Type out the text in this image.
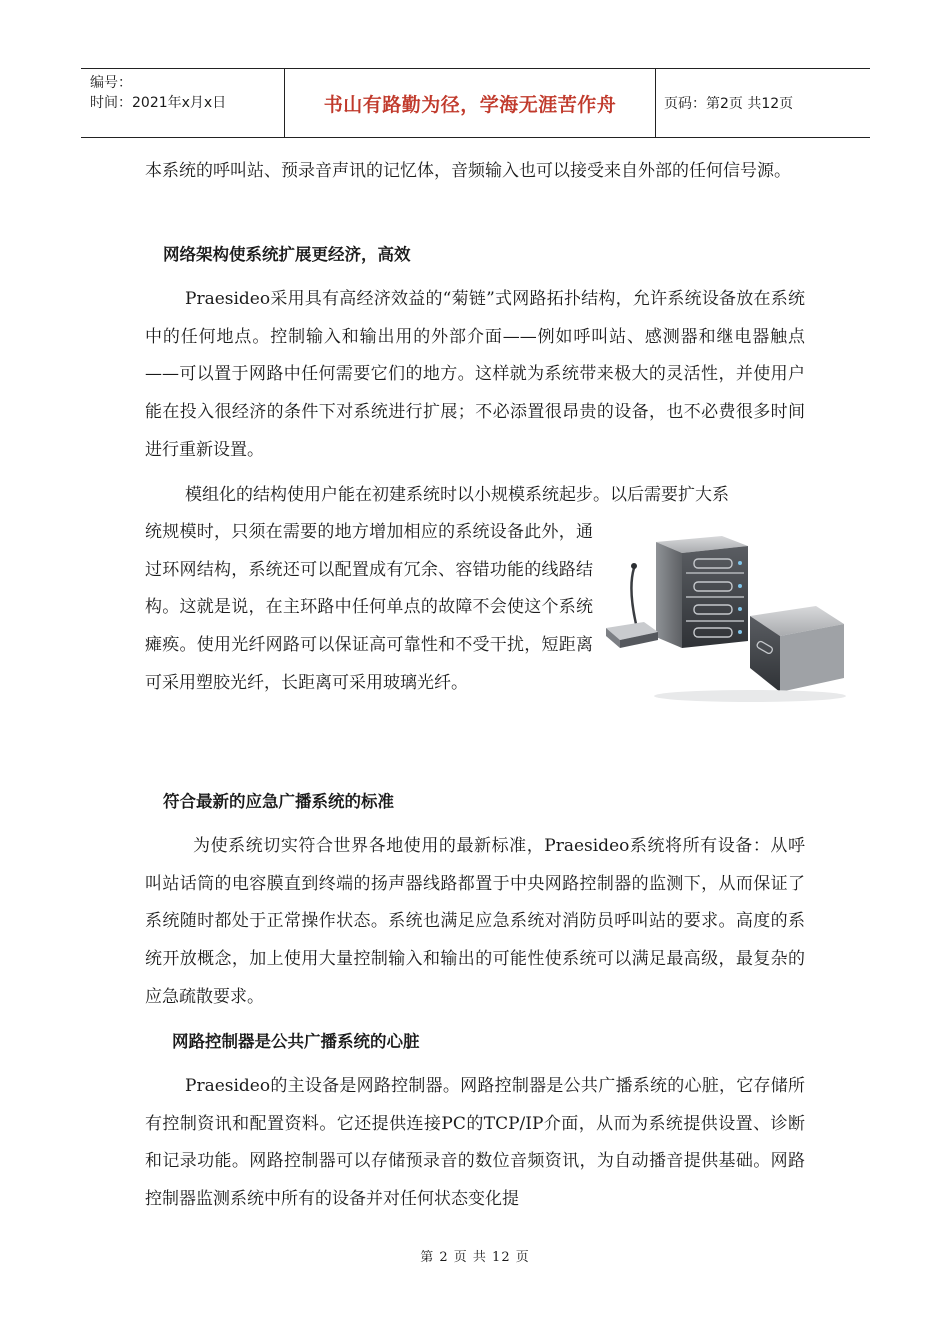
编号：
时间：2021年x月x日	书山有路勤为径，学海无涯苦作舟	页码：第2页 共12页

本系统的呼叫站、预录音声讯的记忆体，音频输入也可以接受来自外部的任何信号源。

网络架构使系统扩展更经济，高效

Praesideo采用具有高经济效益的“菊链”式网路拓扑结构，允许系统设备放在系统中的任何地点。控制输入和输出用的外部介面——例如呼叫站、感测器和继电器触点——可以置于网路中任何需要它们的地方。这样就为系统带来极大的灵活性，并使用户能在投入很经济的条件下对系统进行扩展；不必添置很昂贵的设备，也不必费很多时间进行重新设置。

模组化的结构使用户能在初建系统时以小规模系统起步。以后需要扩大系

统规模时，只须在需要的地方增加相应的系统设备此外，通过环网结构，系统还可以配置成有冗余、容错功能的线路结构。这就是说，在主环路中任何单点的故障不会使这个系统瘫痪。使用光纤网路可以保证高可靠性和不受干扰，短距离可采用塑胶光纤，长距离可采用玻璃光纤。

符合最新的应急广播系统的标准

为使系统切实符合世界各地使用的最新标准，Praesideo系统将所有设备：从呼叫站话筒的电容膜直到终端的扬声器线路都置于中央网路控制器的监测下，从而保证了系统随时都处于正常操作状态。系统也满足应急系统对消防员呼叫站的要求。高度的系统开放概念，加上使用大量控制输入和输出的可能性使系统可以满足最高级，最复杂的应急疏散要求。

网路控制器是公共广播系统的心脏

Praesideo的主设备是网路控制器。网路控制器是公共广播系统的心脏，它存储所有控制资讯和配置资料。它还提供连接PC的TCP/IP介面，从而为系统提供设置、诊断和记录功能。网路控制器可以存储预录音的数位音频资讯，为自动播音提供基础。网路控制器监测系统中所有的设备并对任何状态变化提

第 2 页 共 12 页
